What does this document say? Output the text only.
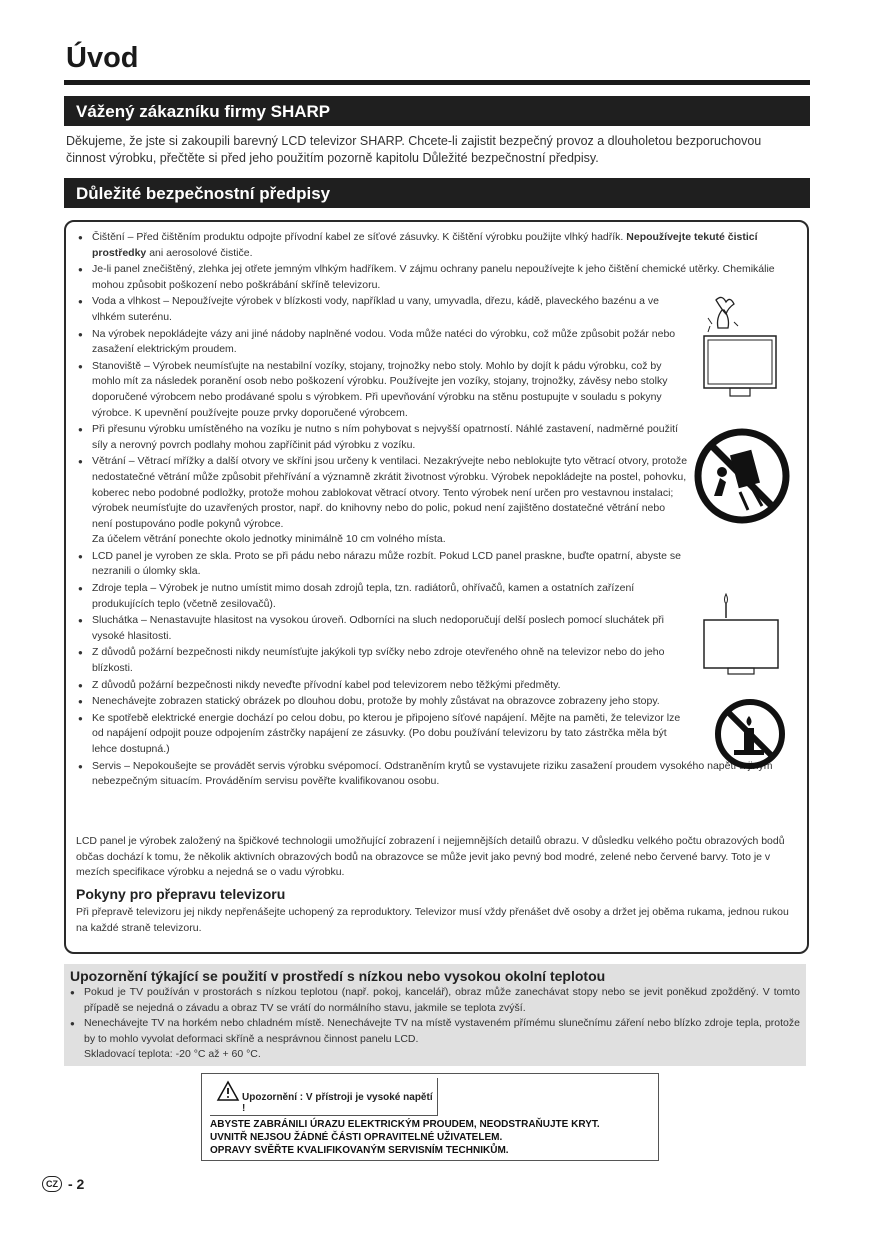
Úvod
Vážený zákazníku firmy SHARP
Děkujeme, že jste si zakoupili barevný LCD televizor SHARP. Chcete-li zajistit bezpečný provoz a dlouholetou bezporuchovou činnost výrobku, přečtěte si před jeho použitím pozorně kapitolu Důležité bezpečnostní předpisy.
Důležité bezpečnostní předpisy
● Čištění – Před čištěním produktu odpojte přívodní kabel ze síťové zásuvky. K čištění výrobku použijte vlhký hadřík. Nepoužívejte tekuté čisticí prostředky ani aerosolové čističe.
● Je-li panel znečištěný, zlehka jej otřete jemným vlhkým hadříkem. V zájmu ochrany panelu nepoužívejte k jeho čištění chemické utěrky. Chemikálie mohou způsobit poškození nebo poškrábání skříně televizoru.
● Voda a vlhkost – Nepoužívejte výrobek v blízkosti vody, například u vany, umyvadla, dřezu, kádě, plaveckého bazénu a ve vlhkém suterénu.
● Na výrobek nepokládejte vázy ani jiné nádoby naplněné vodou. Voda může natéci do výrobku, což může způsobit požár nebo zasažení elektrickým proudem.
● Stanoviště – Výrobek neumísťujte na nestabilní vozíky, stojany, trojnožky nebo stoly. Mohlo by dojít k pádu výrobku, což by mohlo mít za následek poranění osob nebo poškození výrobku. Používejte jen vozíky, stojany, trojnožky, závěsy nebo stolky doporučené výrobcem nebo prodávané spolu s výrobkem. Při upevňování výrobku na stěnu postupujte v souladu s pokyny výrobce. K upevnění používejte pouze prvky doporučené výrobcem.
● Při přesunu výrobku umístěného na vozíku je nutno s ním pohybovat s nejvyšší opatrností. Náhlé zastavení, nadměrné použití síly a nerovný povrch podlahy mohou zapříčinit pád výrobku z vozíku.
● Větrání – Větrací mřížky a další otvory ve skříni jsou určeny k ventilaci. Nezakrývejte nebo neblokujte tyto větrací otvory, protože nedostatečné větrání může způsobit přehřívání a významně zkrátit životnost výrobku. Výrobek nepokládejte na postel, pohovku, koberec nebo podobné podložky, protože mohou zablokovat větrací otvory. Tento výrobek není určen pro vestavnou instalaci; výrobek neumísťujte do uzavřených prostor, např. do knihovny nebo do polic, pokud není zajištěno dostatečné větrání nebo není postupováno podle pokynů výrobce.
Za účelem větrání ponechte okolo jednotky minimálně 10 cm volného místa.
● LCD panel je vyroben ze skla. Proto se při pádu nebo nárazu může rozbít. Pokud LCD panel praskne, buďte opatrní, abyste se nezranili o úlomky skla.
● Zdroje tepla – Výrobek je nutno umístit mimo dosah zdrojů tepla, tzn. radiátorů, ohřívačů, kamen a ostatních zařízení produkujících teplo (včetně zesilovačů).
● Sluchátka – Nenastavujte hlasitost na vysokou úroveň. Odborníci na sluch nedoporučují delší poslech pomocí sluchátek při vysoké hlasitosti.
● Z důvodů požární bezpečnosti nikdy neumísťujte jakýkoli typ svíčky nebo zdroje otevřeného ohně na televizor nebo do jeho blízkosti.
● Z důvodů požární bezpečnosti nikdy neveďte přívodní kabel pod televizorem nebo těžkými předměty.
● Nenechávejte zobrazen statický obrázek po dlouhou dobu, protože by mohly zůstávat na obrazovce zobrazeny jeho stopy.
● Ke spotřebě elektrické energie dochází po celou dobu, po kterou je připojeno síťové napájení. Mějte na paměti, že televizor lze od napájení odpojit pouze odpojením zástrčky napájení ze zásuvky. (Po dobu používání televizoru by tato zástrčka měla být lehce dostupná.)
● Servis – Nepokoušejte se provádět servis výrobku svépomocí. Odstraněním krytů se vystavujete riziku zasažení proudem vysokého napětí a jiným nebezpečným situacím. Prováděním servisu pověřte kvalifikovanou osobu.
LCD panel je výrobek založený na špičkové technologii umožňující zobrazení i nejjemnějších detailů obrazu. V důsledku velkého počtu obrazových bodů občas dochází k tomu, že několik aktivních obrazových bodů na obrazovce se může jevit jako pevný bod modré, zelené nebo červené barvy. Toto je v mezích specifikace výrobku a nejedná se o vadu výrobku.
Pokyny pro přepravu televizoru
Při přepravě televizoru jej nikdy nepřenášejte uchopený za reproduktory. Televizor musí vždy přenášet dvě osoby a držet jej oběma rukama, jednou rukou na každé straně televizoru.
Upozornění týkající se použití v prostředí s nízkou nebo vysokou okolní teplotou
● Pokud je TV používán v prostorách s nízkou teplotou (např. pokoj, kancelář), obraz může zanechávat stopy nebo se jevit poněkud zpožděný. V tomto případě se nejedná o závadu a obraz TV se vrátí do normálního stavu, jakmile se teplota zvýší.
● Nenechávejte TV na horkém nebo chladném místě. Nenechávejte TV na místě vystaveném přímému slunečnímu záření nebo blízko zdroje tepla, protože by to mohlo vyvolat deformaci skříně a nesprávnou činnost panelu LCD.
Skladovací teplota: -20 °C až + 60 °C.
Upozornění : V přístroji je vysoké napětí !
ABYSTE ZABRÁNILI ÚRAZU ELEKTRICKÝM PROUDEM, NEODSTRAŇUJTE KRYT.
UVNITŘ NEJSOU ŽÁDNÉ ČÁSTI OPRAVITELNÉ UŽIVATELEM.
OPRAVY SVĚŘTE KVALIFIKOVANÝM SERVISNÍM TECHNIKŮM.
CZ - 2
